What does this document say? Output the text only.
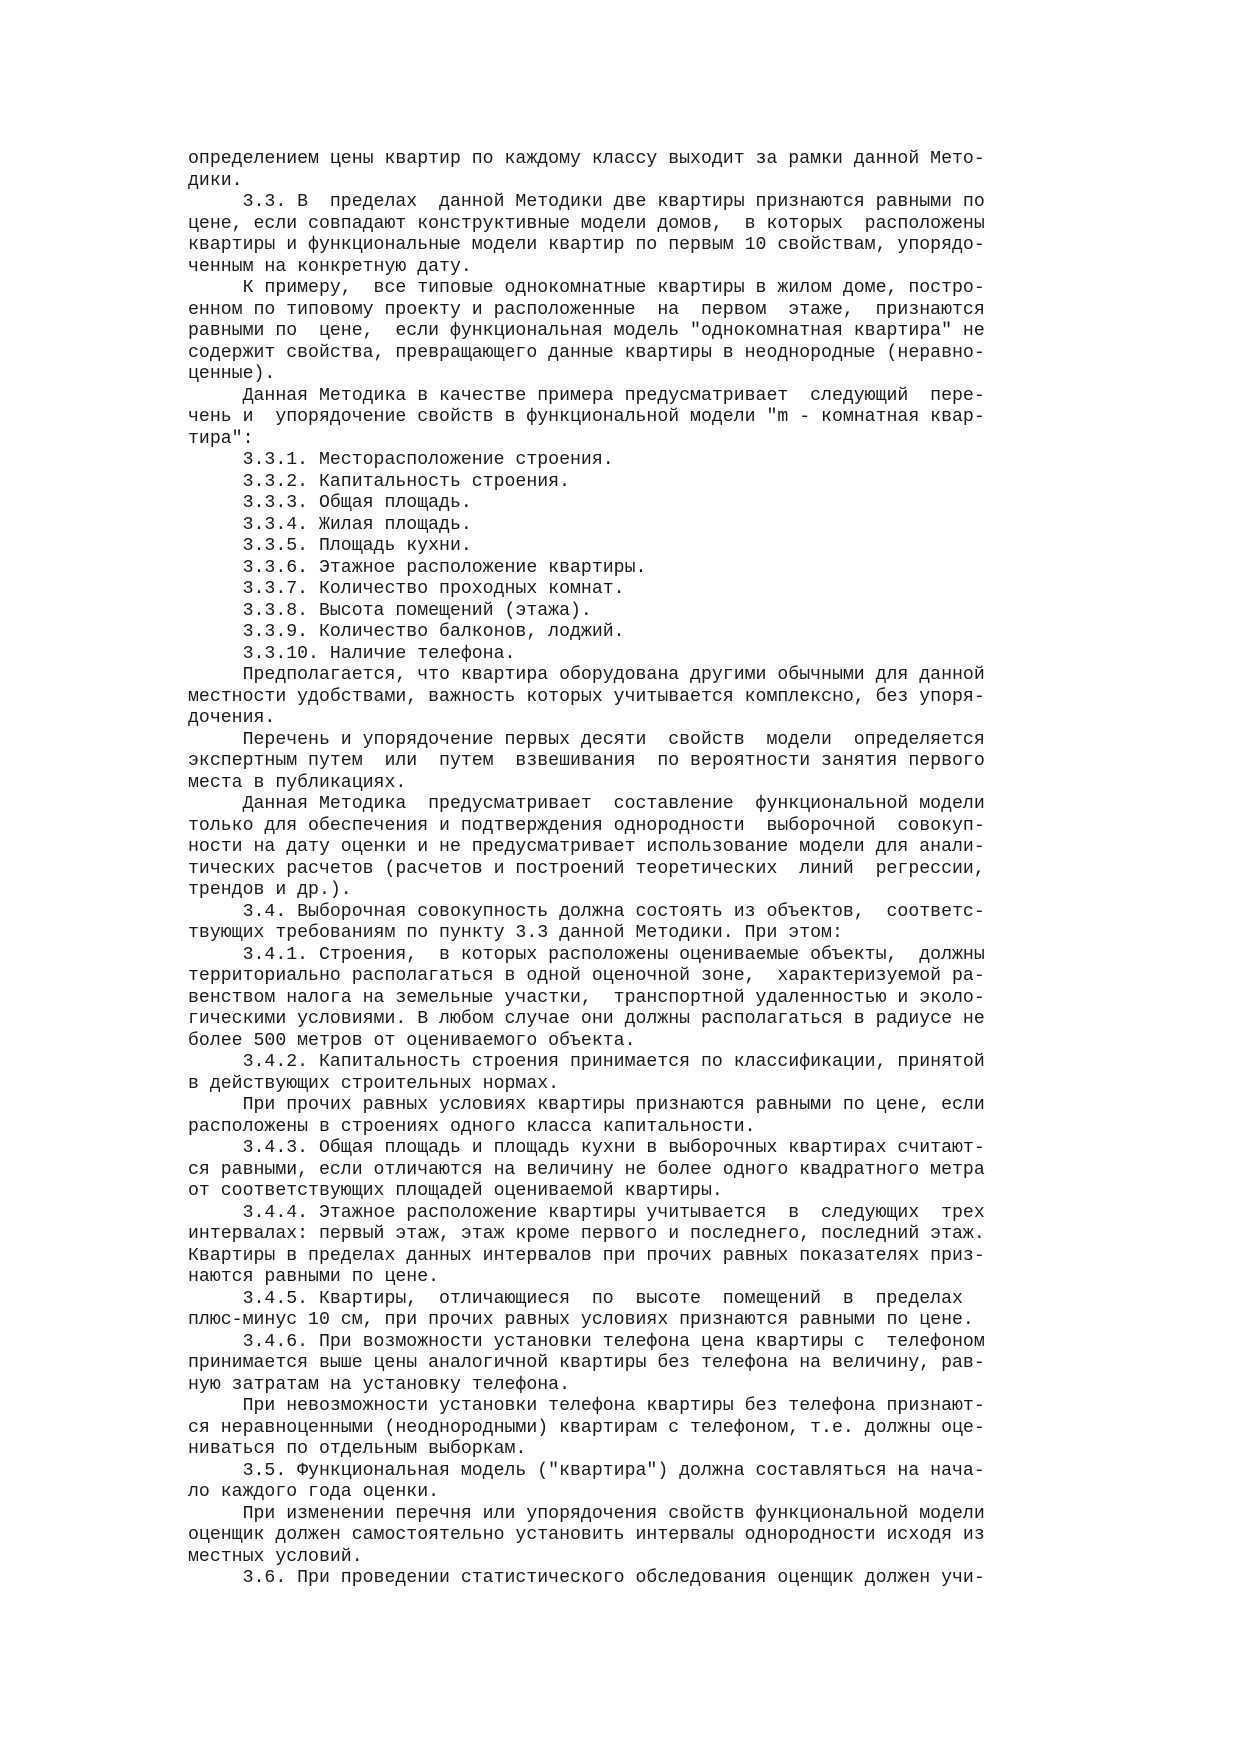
определением цены квартир по каждому классу выходит за рамки данной Мето-
дики.
3.3. В  пределах  данной Методики две квартиры признаются равными по
цене, если совпадают конструктивные модели домов,  в которых  расположены
квартиры и функциональные модели квартир по первым 10 свойствам, упорядо-
ченным на конкретную дату.
К примеру,  все типовые однокомнатные квартиры в жилом доме, постро-
енном по типовому проекту и расположенные  на  первом  этаже,  признаются
равными по  цене,  если функциональная модель "однокомнатная квартира" не
содержит свойства, превращающего данные квартиры в неоднородные (неравно-
ценные).
Данная Методика в качестве примера предусматривает  следующий  пере-
чень и  упорядочение свойств в функциональной модели "m - комнатная квар-
тира":
3.3.1. Месторасположение строения.
3.3.2. Капитальность строения.
3.3.3. Общая площадь.
3.3.4. Жилая площадь.
3.3.5. Площадь кухни.
3.3.6. Этажное расположение квартиры.
3.3.7. Количество проходных комнат.
3.3.8. Высота помещений (этажа).
3.3.9. Количество балконов, лоджий.
3.3.10. Наличие телефона.
Предполагается, что квартира оборудована другими обычными для данной
местности удобствами, важность которых учитывается комплексно, без упоря-
дочения.
Перечень и упорядочение первых десяти  свойств  модели  определяется
экспертным путем  или  путем  взвешивания  по вероятности занятия первого
места в публикациях.
Данная Методика  предусматривает  составление  функциональной модели
только для обеспечения и подтверждения однородности  выборочной  совокуп-
ности на дату оценки и не предусматривает использование модели для анали-
тических расчетов (расчетов и построений теоретических  линий  регрессии,
трендов и др.).
3.4. Выборочная совокупность должна состоять из объектов,  соответс-
твующих требованиям по пункту 3.3 данной Методики. При этом:
3.4.1. Строения,  в которых расположены оцениваемые объекты,  должны
территориально располагаться в одной оценочной зоне,  характеризуемой ра-
венством налога на земельные участки,  транспортной удаленностью и эколо-
гическими условиями. В любом случае они должны располагаться в радиусе не
более 500 метров от оцениваемого объекта.
3.4.2. Капитальность строения принимается по классификации, принятой
в действующих строительных нормах.
При прочих равных условиях квартиры признаются равными по цене, если
расположены в строениях одного класса капитальности.
3.4.3. Общая площадь и площадь кухни в выборочных квартирах считают-
ся равными, если отличаются на величину не более одного квадратного метра
от соответствующих площадей оцениваемой квартиры.
3.4.4. Этажное расположение квартиры учитывается  в  следующих  трех
интервалах: первый этаж, этаж кроме первого и последнего, последний этаж.
Квартиры в пределах данных интервалов при прочих равных показателях приз-
наются равными по цене.
3.4.5. Квартиры,  отличающиеся  по  высоте  помещений  в  пределах
плюс-минус 10 см, при прочих равных условиях признаются равными по цене.
3.4.6. При возможности установки телефона цена квартиры с  телефоном
принимается выше цены аналогичной квартиры без телефона на величину, рав-
ную затратам на установку телефона.
При невозможности установки телефона квартиры без телефона признают-
ся неравноценными (неоднородными) квартирам с телефоном, т.е. должны оце-
ниваться по отдельным выборкам.
3.5. Функциональная модель ("квартира") должна составляться на нача-
ло каждого года оценки.
При изменении перечня или упорядочения свойств функциональной модели
оценщик должен самостоятельно установить интервалы однородности исходя из
местных условий.
3.6. При проведении статистического обследования оценщик должен учи-
